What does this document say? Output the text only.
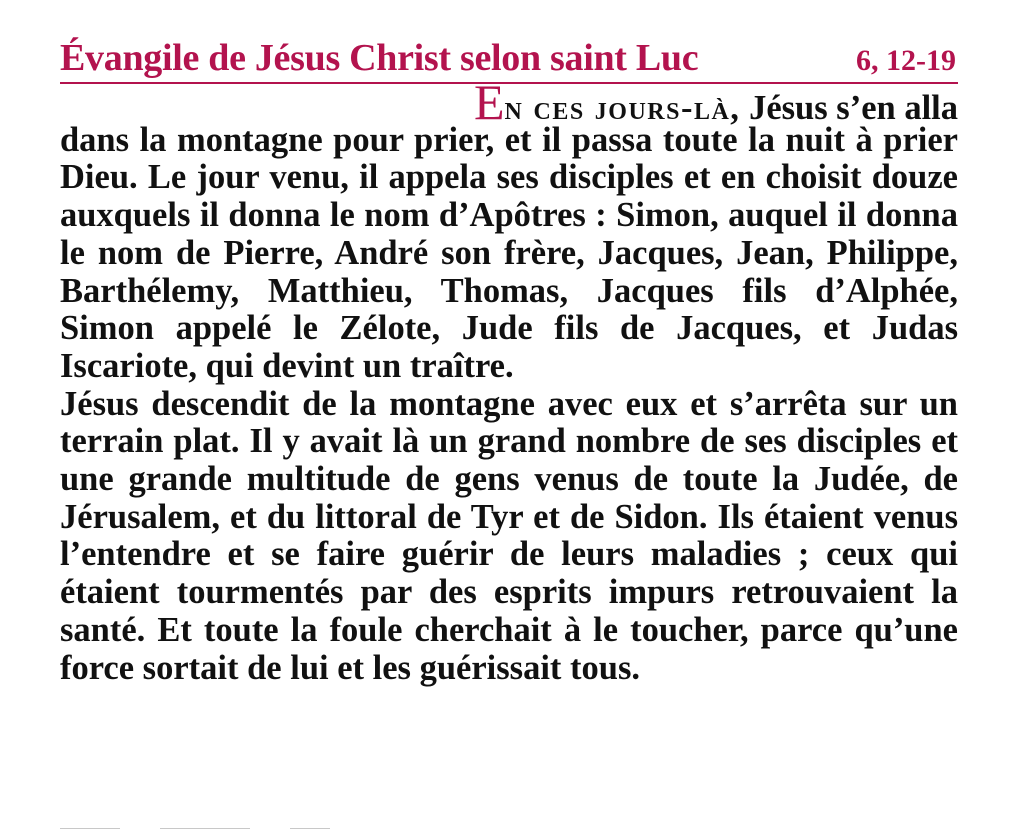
Évangile de Jésus Christ selon saint Luc	6, 12-19

En ces jours-là, Jésus s’en alla
dans la montagne pour prier, et il passa toute la nuit à prier Dieu. Le jour venu, il appela ses disciples et en choisit douze auxquels il donna le nom d’Apôtres : Simon, auquel il donna le nom de Pierre, André son frère, Jacques, Jean, Philippe, Barthélemy, Matthieu, Thomas, Jacques fils d’Alphée, Simon appelé le Zélote, Jude fils de Jacques, et Judas Iscariote, qui devint un traître.

Jésus descendit de la montagne avec eux et s’arrêta sur un terrain plat. Il y avait là un grand nombre de ses disciples et une grande multitude de gens venus de toute la Judée, de Jérusalem, et du littoral de Tyr et de Sidon. Ils étaient venus l’entendre et se faire guérir de leurs maladies ; ceux qui étaient tourmentés par des esprits impurs retrouvaient la santé. Et toute la foule cherchait à le toucher, parce qu’une force sortait de lui et les guérissait tous.
